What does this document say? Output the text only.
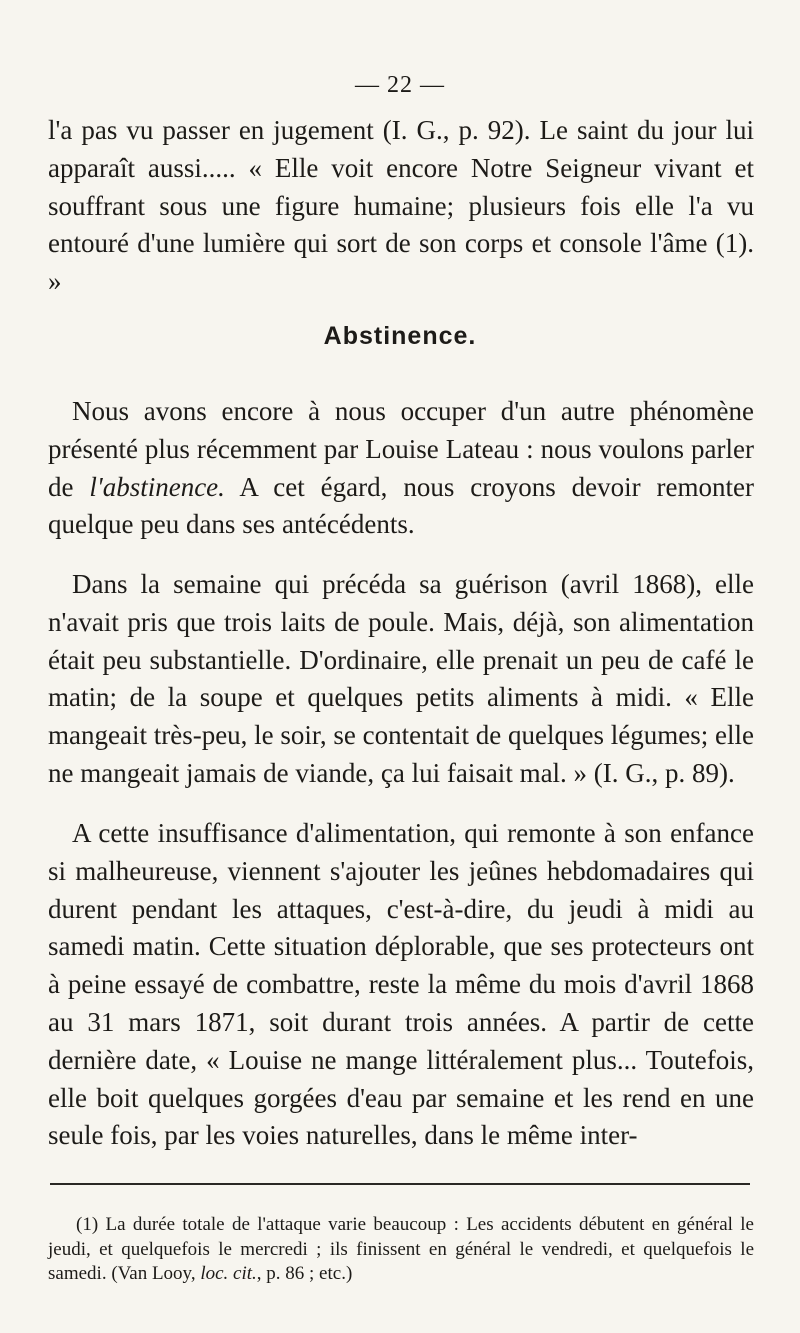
— 22 —

l'a pas vu passer en jugement (I. G., p. 92). Le saint du jour lui apparaît aussi..... « Elle voit encore Notre Seigneur vivant et souffrant sous une figure humaine; plusieurs fois elle l'a vu entouré d'une lumière qui sort de son corps et console l'âme (1). »

Abstinence.

Nous avons encore à nous occuper d'un autre phénomène présenté plus récemment par Louise Lateau : nous voulons parler de l'abstinence. A cet égard, nous croyons devoir remonter quelque peu dans ses antécédents.

Dans la semaine qui précéda sa guérison (avril 1868), elle n'avait pris que trois laits de poule. Mais, déjà, son alimentation était peu substantielle. D'ordinaire, elle prenait un peu de café le matin; de la soupe et quelques petits aliments à midi. « Elle mangeait très-peu, le soir, se contentait de quelques légumes; elle ne mangeait jamais de viande, ça lui faisait mal. » (I. G., p. 89).

A cette insuffisance d'alimentation, qui remonte à son enfance si malheureuse, viennent s'ajouter les jeûnes hebdomadaires qui durent pendant les attaques, c'est-à-dire, du jeudi à midi au samedi matin. Cette situation déplorable, que ses protecteurs ont à peine essayé de combattre, reste la même du mois d'avril 1868 au 31 mars 1871, soit durant trois années. A partir de cette dernière date, « Louise ne mange littéralement plus... Toutefois, elle boit quelques gorgées d'eau par semaine et les rend en une seule fois, par les voies naturelles, dans le même inter-

(1) La durée totale de l'attaque varie beaucoup : Les accidents débutent en général le jeudi, et quelquefois le mercredi ; ils finissent en général le vendredi, et quelquefois le samedi. (Van Looy, loc. cit., p. 86 ; etc.)
